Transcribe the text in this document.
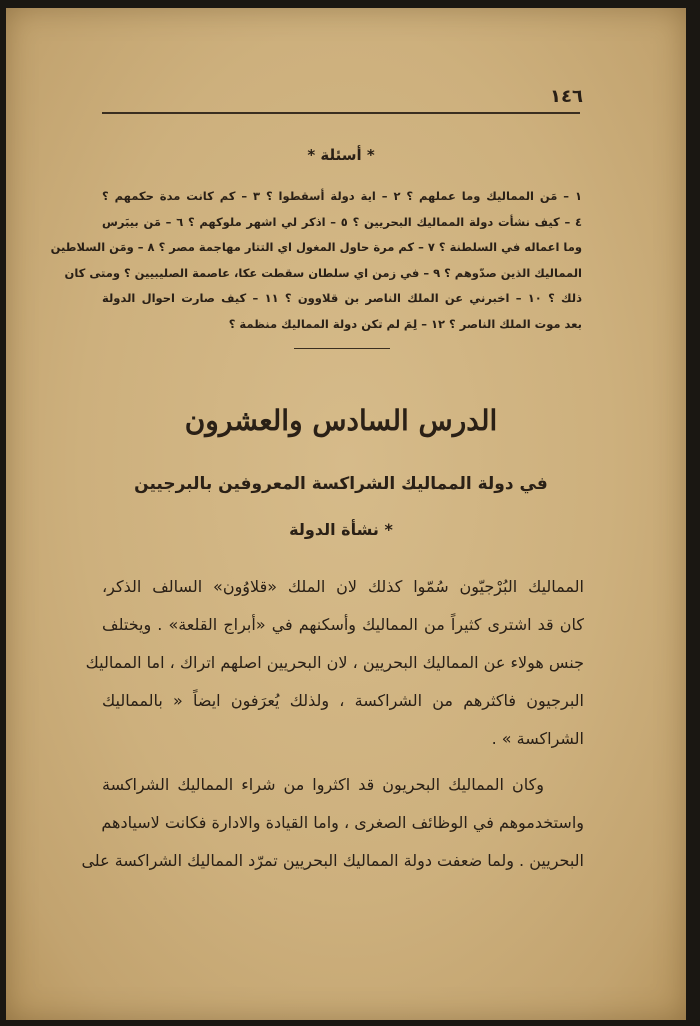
١٤٦
* أسئلة *
١ – مَن المماليك وما عملهم ؟ ٢ – اية دولة أسقطوا ؟ ٣ – كم كانت مدة حكمهم ؟
٤ – كيف نشأت دولة المماليك البحريين ؟ ٥ – اذكر لي اشهر ملوكهم ؟ ٦ – مَن بيبَرس
وما اعماله في السلطنة ؟ ٧ – كم مرة حاول المغول اي التتار مهاجمة مصر ؟ ٨ – ومَن السلاطين
المماليك الذين صدّوهم ؟ ٩ – في زمن اي سلطان سقطت عكا، عاصمة الصليبيين ؟ ومتى كان
ذلك ؟ ١٠ – اخبرني عن الملك الناصر بن قلاوون ؟ ١١ – كيف صارت احوال الدولة
بعد موت الملك الناصر ؟ ١٢ – لِمَ لم تكن دولة المماليك منظمة ؟
الدرس السادس والعشرون
في دولة المماليك الشراكسة المعروفين بالبرجيين
* نشأة الدولة
المماليك البُرْجيّون سُمّوا كذلك لان الملك «قلاوُون» السالف الذكر،
كان قد اشترى كثيراً من المماليك وأسكنهم في «أبراج القلعة» . ويختلف
جنس هولاء عن المماليك البحريين ، لان البحريين اصلهم اتراك ، اما المماليك
البرجيون فاكثرهم من الشراكسة ، ولذلك يُعرَفون ايضاً « بالمماليك
الشراكسة » .
وكان المماليك البحريون قد اكثروا من شراء المماليك الشراكسة
واستخدموهم في الوظائف الصغرى ، واما القيادة والادارة فكانت لاسيادهم
البحريين . ولما ضعفت دولة المماليك البحريين تمرّد المماليك الشراكسة على
